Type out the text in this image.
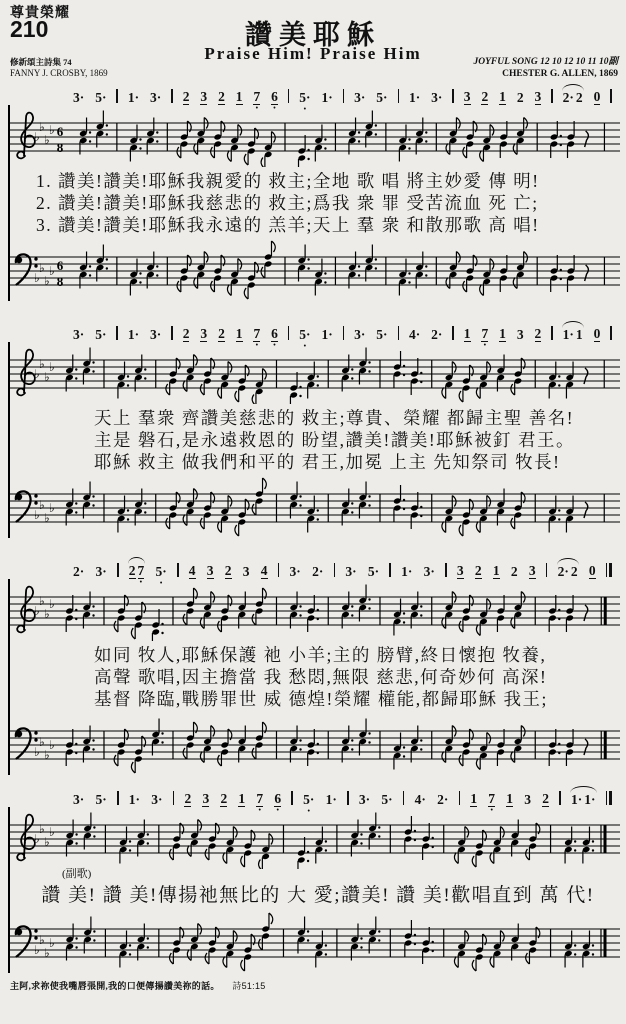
尊貴榮耀
210	讚美耶穌
Praise Him! Praise Him
修新頌主詩集 74
FANNY J. CROSBY, 1869
JOYFUL SONG 12 10 12 10 11 10副
CHESTER G. ALLEN, 1869
3· 5· 1· 3· 2 3 2 1 7 • 6 • 5· • 1· 3· 5· 1· 3· 3 2 1 2 3 2· 2 0
♭
♭
♭
♭ 6
8
1. 讚美!讚美!耶穌我親愛的 救主;全地 歌 唱 將主妙愛 傳 明!
2. 讚美!讚美!耶穌我慈悲的 救主;爲我 衆 罪 受苦流血 死 亡;
3. 讚美!讚美!耶穌我永遠的 羔羊;天上 羣 衆 和散那歌 高 唱!
♭
♭
♭
♭ 6
8
3· 5· 1· 3· 2 3 2 1 7 • 6 • 5· • 1· 3· 5· 4· 2· 1 7 • 1 3 2 1· 1 0
♭
♭
♭
♭
天上 羣衆 齊讚美慈悲的 救主;尊貴、榮耀 都歸主聖 善名!
主是 磐石,是永遠救恩的 盼望,讚美!讚美!耶穌被釘 君王。
耶穌 救主 做我們和平的 君王,加冕 上主 先知祭司 牧長!
♭
♭
♭
♭
2· 3· 2 7 • 5· • 4 3 2 3 4 3· 2· 3· 5· 1· 3· 3 2 1 2 3 2· 2 0
♭
♭
♭
♭
如同 牧人,耶穌保護 祂 小羊;主的 膀臂,終日懷抱 牧養,
高聲 歌唱,因主擔當 我 愁悶,無限 慈悲,何奇妙何 高深!
基督 降臨,戰勝罪世 威 德煌!榮耀 權能,都歸耶穌 我王;
♭
♭
♭
♭
3· 5· 1· 3· 2 3 2 1 7 • 6 • 5· • 1· 3· 5· 4· 2· 1 7 • 1 3 2 1· 1·
♭
♭
♭
♭
(副歌)
讚 美! 讚 美!傳揚祂無比的 大 愛;讚美! 讚 美!歡唱直到 萬 代!
♭
♭
♭
♭
主阿,求祢使我嘴唇張開,我的口便傳揚讚美祢的話。 詩51:15
